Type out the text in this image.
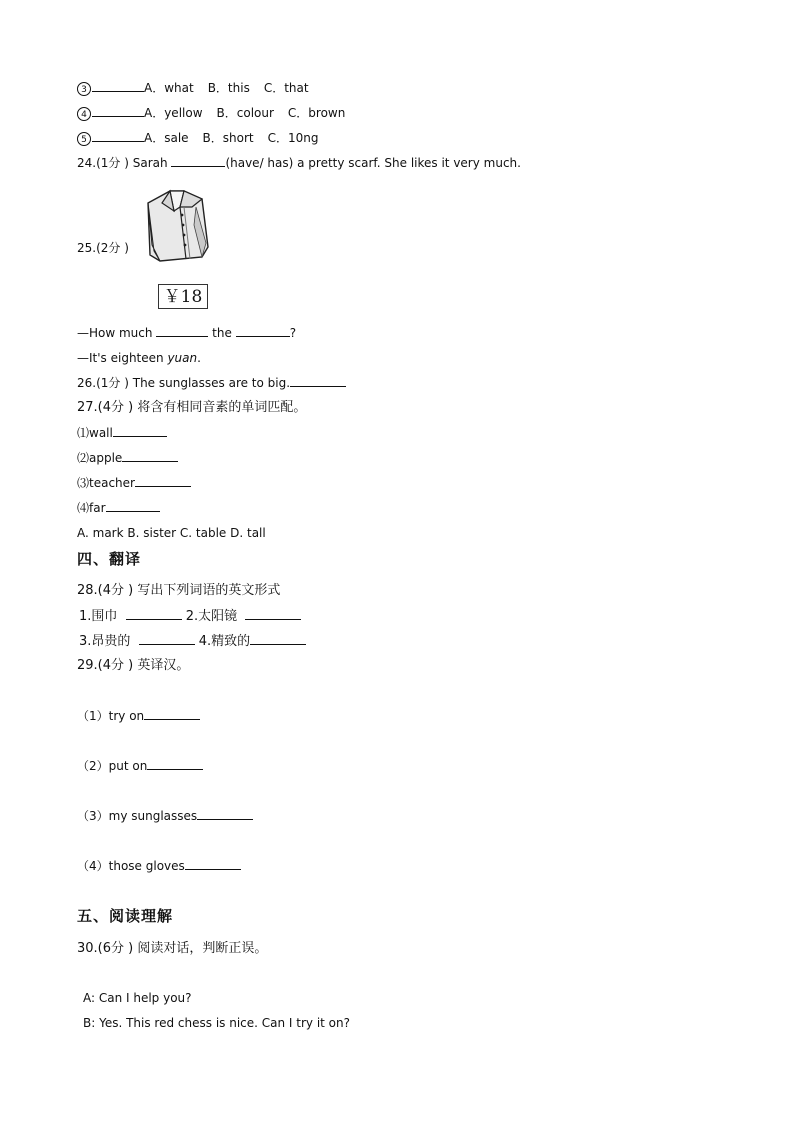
3	A．what B．this C．that
4	A．yellow B．colour C．brown
5	A．sale B．short C．10ng
24.(1分 ) Sarah	(have/ has) a pretty scarf. She likes it very much.
25.(2分 )
￥18
—How much	the	?
—It's eighteen yuan.
26.(1分 ) The sunglasses are to big.
27.(4分 ) 将含有相同音素的单词匹配。
⑴wall
⑵apple
⑶teacher
⑷far
A. mark B. sister C. table D. tall
四、翻译
28.(4分 ) 写出下列词语的英文形式
1.围巾	2.太阳镜
3.昂贵的	4.精致的
29.(4分 ) 英译汉。
（1）try on
（2）put on
（3）my sunglasses
（4）those gloves
五、阅读理解
30.(6分 ) 阅读对话，判断正误。
A: Can I help you?
B: Yes. This red chess is nice. Can I try it on?
